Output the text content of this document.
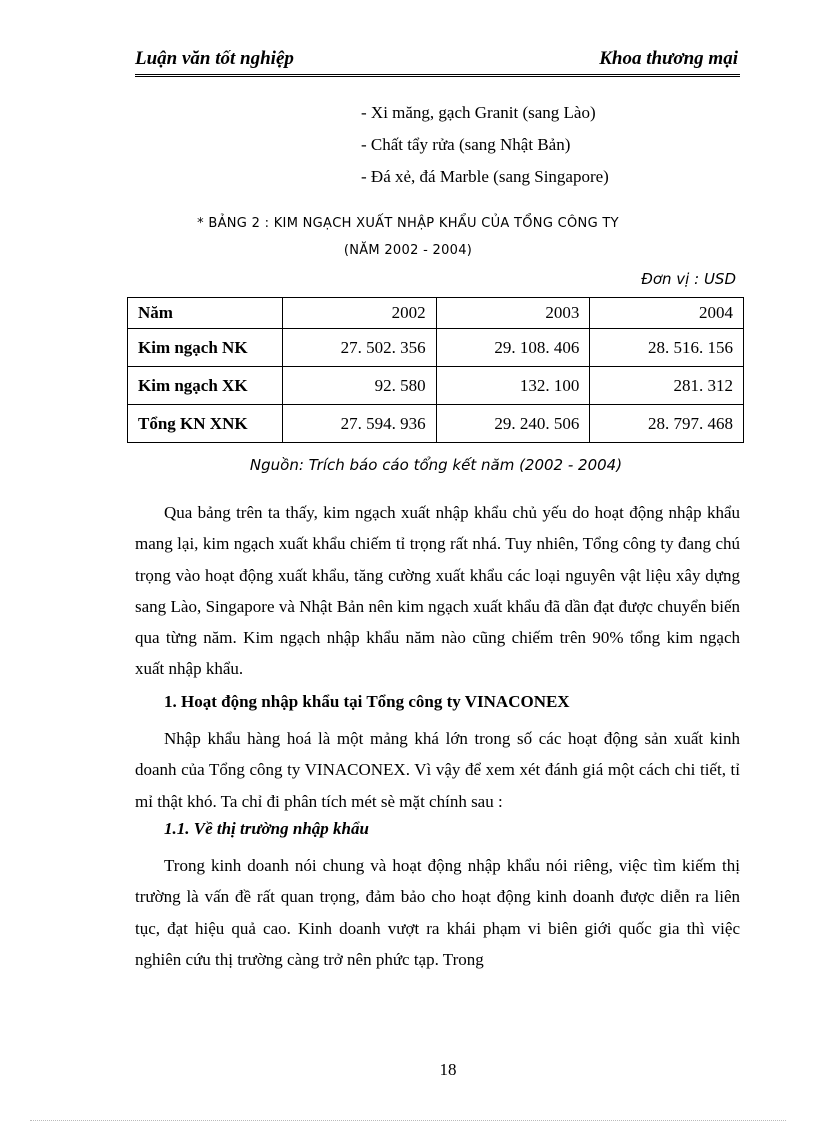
Luận văn tốt nghiệp	Khoa thương mại
- Xi măng, gạch Granit (sang Lào)
- Chất tẩy rửa (sang Nhật Bản)
- Đá xẻ, đá Marble (sang Singapore)
* BẢNG 2 : KIM NGẠCH XUẤT NHẬP KHẨU CỦA TỔNG CÔNG TY
(NĂM 2002 - 2004)
Đơn vị : USD
Năm	2002	2003	2004
Kim ngạch NK	27. 502. 356	29. 108. 406	28. 516. 156
Kim ngạch XK	92. 580	132. 100	281. 312
Tổng KN XNK	27. 594. 936	29. 240. 506	28. 797. 468
Nguồn: Trích báo cáo tổng kết năm (2002 - 2004)

Qua bảng trên ta thấy, kim ngạch xuất nhập khẩu chủ yếu do hoạt động nhập khẩu mang lại, kim ngạch xuất khẩu chiếm tỉ trọng rất nhá. Tuy nhiên, Tổng công ty đang chú trọng vào hoạt động xuất khẩu, tăng cường xuất khẩu các loại nguyên vật liệu xây dựng sang Lào, Singapore và Nhật Bản nên kim ngạch xuất khẩu đã dần đạt được chuyển biến qua từng năm. Kim ngạch nhập khẩu năm nào cũng chiếm trên 90% tổng kim ngạch xuất nhập khẩu.

1. Hoạt động nhập khẩu tại Tổng công ty VINACONEX

Nhập khẩu hàng hoá là một mảng khá lớn trong số các hoạt động sản xuất kinh doanh của Tổng công ty VINACONEX. Vì vậy để xem xét đánh giá một cách chi tiết, tỉ mỉ thật khó. Ta chỉ đi phân tích mét sè mặt chính sau :

1.1. Về thị trường nhập khẩu

Trong kinh doanh nói chung và hoạt động nhập khẩu nói riêng, việc tìm kiếm thị trường là vấn đề rất quan trọng, đảm bảo cho hoạt động kinh doanh được diễn ra liên tục, đạt hiệu quả cao. Kinh doanh vượt ra khái phạm vi biên giới quốc gia thì việc nghiên cứu thị trường càng trở nên phức tạp. Trong

18
